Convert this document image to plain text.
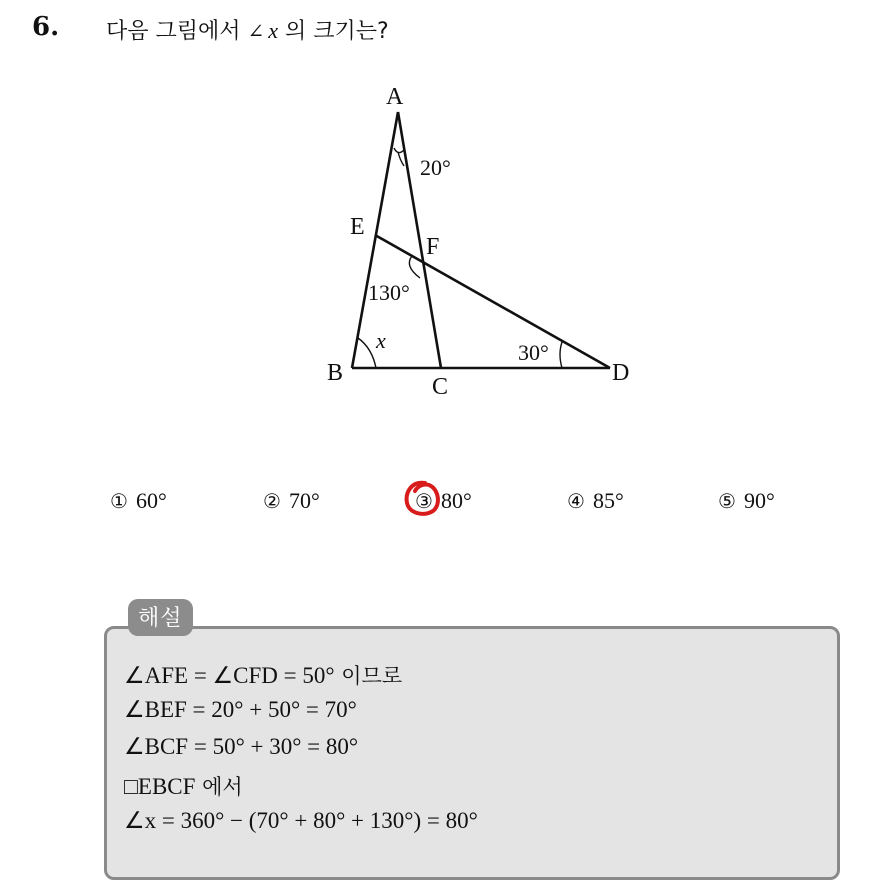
6. 다음 그림에서 ∠ x 의 크기는?
A
E
F
B
C
D
20°
130°
x	30°
① 60°	② 70°	③ 80°	④ 85°	⑤ 90°
해설
∠AFE = ∠CFD = 50° 이므로
∠BEF = 20° + 50° = 70°
∠BCF = 50° + 30° = 80°
□EBCF 에서
∠x = 360° − (70° + 80° + 130°) = 80°
